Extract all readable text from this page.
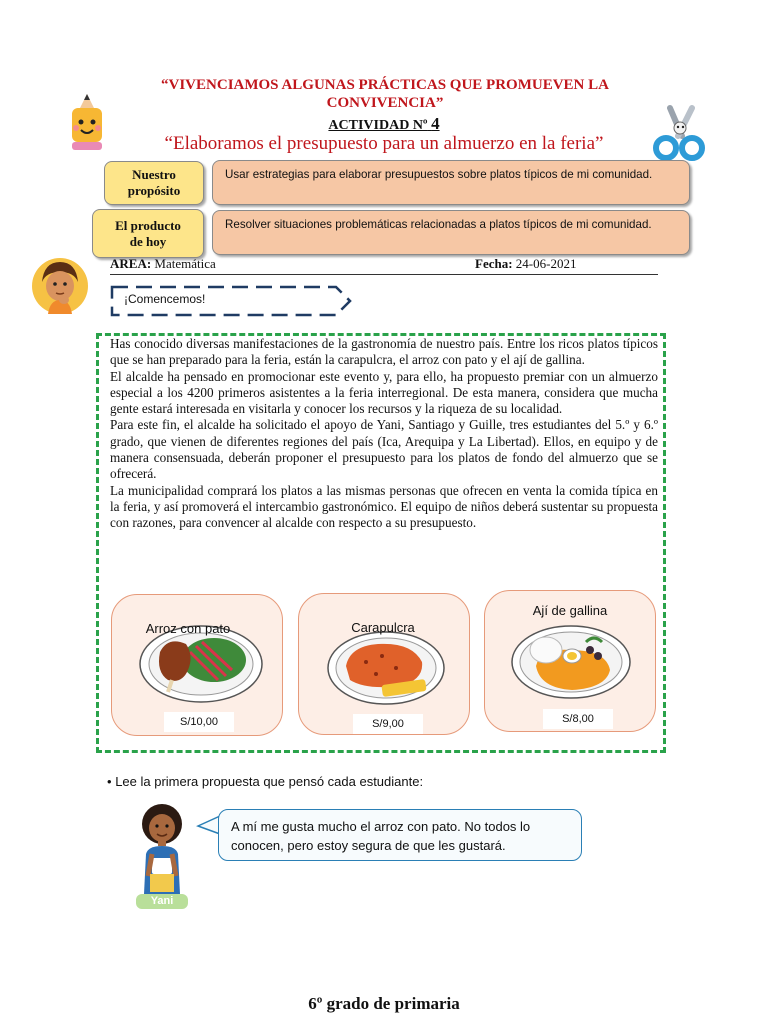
“VIVENCIAMOS ALGUNAS PRÁCTICAS QUE PROMUEVEN LA CONVIVENCIA”
ACTIVIDAD Nº 4
“Elaboramos el presupuesto para un almuerzo en la feria”
Nuestro propósito
Usar estrategias para elaborar presupuestos sobre platos típicos de mi comunidad.
El producto de hoy
Resolver situaciones problemáticas relacionadas a platos típicos de mi comunidad.
AREA: Matemática	Fecha: 24-06-2021
¡Comencemos!

Has conocido diversas manifestaciones de la gastronomía de nuestro país. Entre los ricos platos típicos que se han preparado para la feria, están la carapulcra, el arroz con pato y el ají de gallina.

El alcalde ha pensado en promocionar este evento y, para ello, ha propuesto premiar con un almuerzo especial a los 4200 primeros asistentes a la feria interregional. De esta manera, considera que mucha gente estará interesada en visitarla y conocer los recursos y la riqueza de su localidad.

Para este fin, el alcalde ha solicitado el apoyo de Yani, Santiago y Guille, tres estudiantes del 5.º y 6.º grado, que vienen de diferentes regiones del país (Ica, Arequipa y La Libertad). Ellos, en equipo y de manera consensuada, deberán proponer el presupuesto para los platos de fondo del almuerzo que se ofrecerá.

La municipalidad comprará los platos a las mismas personas que ofrecen en venta la comida típica en la feria, y así promoverá el intercambio gastronómico. El equipo de niños deberá sustentar su propuesta con razones, para convencer al alcalde con respecto a su presupuesto.

Arroz con pato
S/10,00
Carapulcra
S/9,00
Ají de gallina
S/8,00
• Lee la primera propuesta que pensó cada estudiante:
Yani
A mí me gusta mucho el arroz con pato. No todos lo conocen, pero estoy segura de que les gustará.
6º grado de primaria
